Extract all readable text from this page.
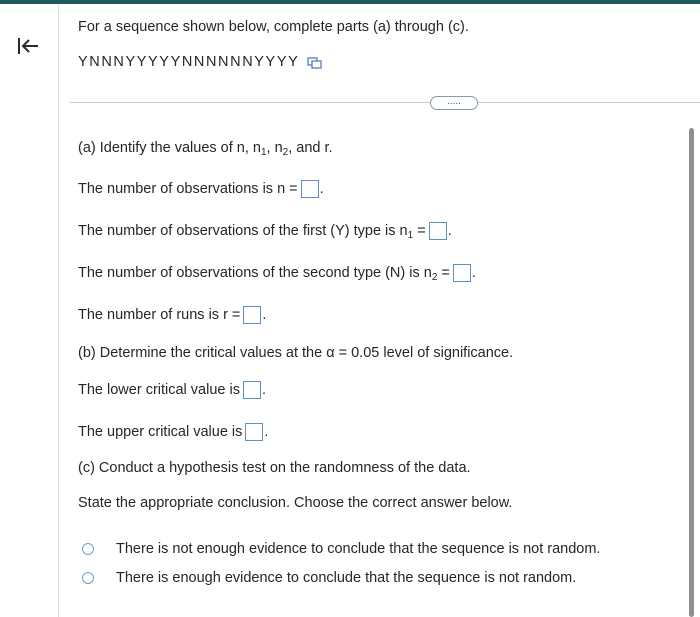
For a sequence shown below, complete parts (a) through (c).
YNNNYYYYYNNNNNNYYYY
.....
(a) Identify the values of n, $n_1$, $n_2$, and r.
The number of observations is n = .
The number of observations of the first (Y) type is $n_1$ = .
The number of observations of the second type (N) is $n_2$ = .
The number of runs is r = .
(b) Determine the critical values at the α = 0.05 level of significance.
The lower critical value is .
The upper critical value is .
(c) Conduct a hypothesis test on the randomness of the data.
State the appropriate conclusion. Choose the correct answer below.
There is not enough evidence to conclude that the sequence is not random.
There is enough evidence to conclude that the sequence is not random.
